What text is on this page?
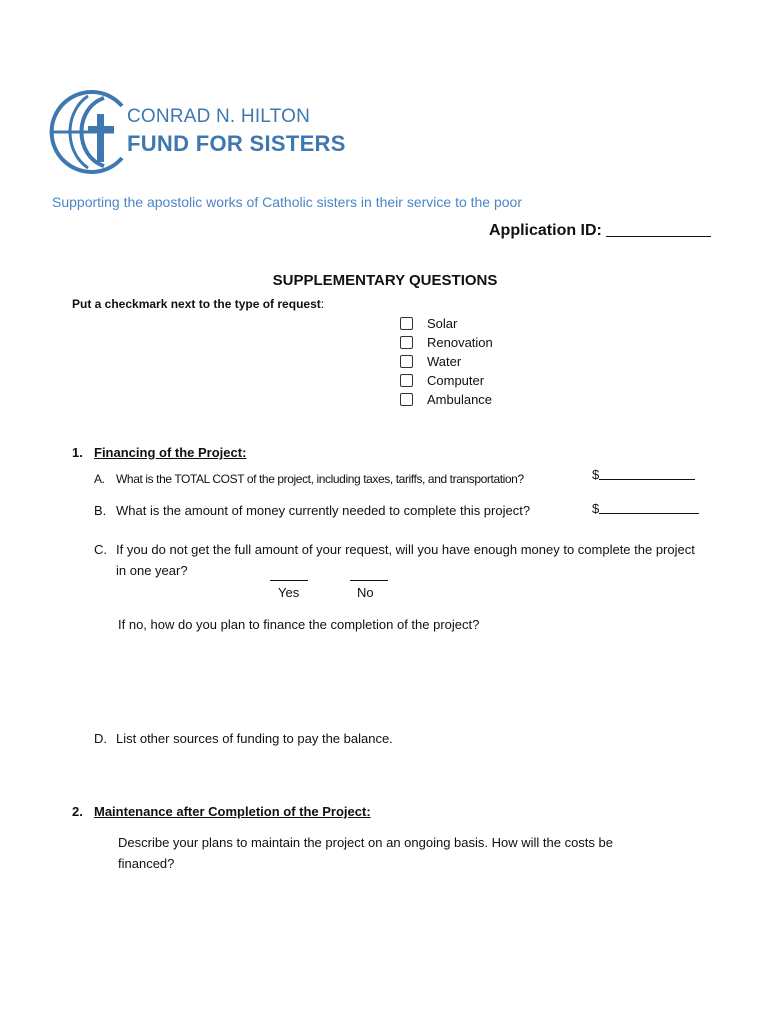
CONRAD N. HILTON
FUND FOR SISTERS
Supporting the apostolic works of Catholic sisters in their service to the poor
Application ID:
SUPPLEMENTARY QUESTIONS
Put a checkmark next to the type of request:
Solar
Renovation
Water
Computer
Ambulance
1. Financing of the Project:
A. What is the TOTAL COST of the project, including taxes, tariffs, and transportation?	$
B. What is the amount of money currently needed to complete this project?	$
C. If you do not get the full amount of your request, will you have enough money to complete the project in one year?
Yes	No
If no, how do you plan to finance the completion of the project?
D. List other sources of funding to pay the balance.
2. Maintenance after Completion of the Project:
Describe your plans to maintain the project on an ongoing basis. How will the costs be financed?
